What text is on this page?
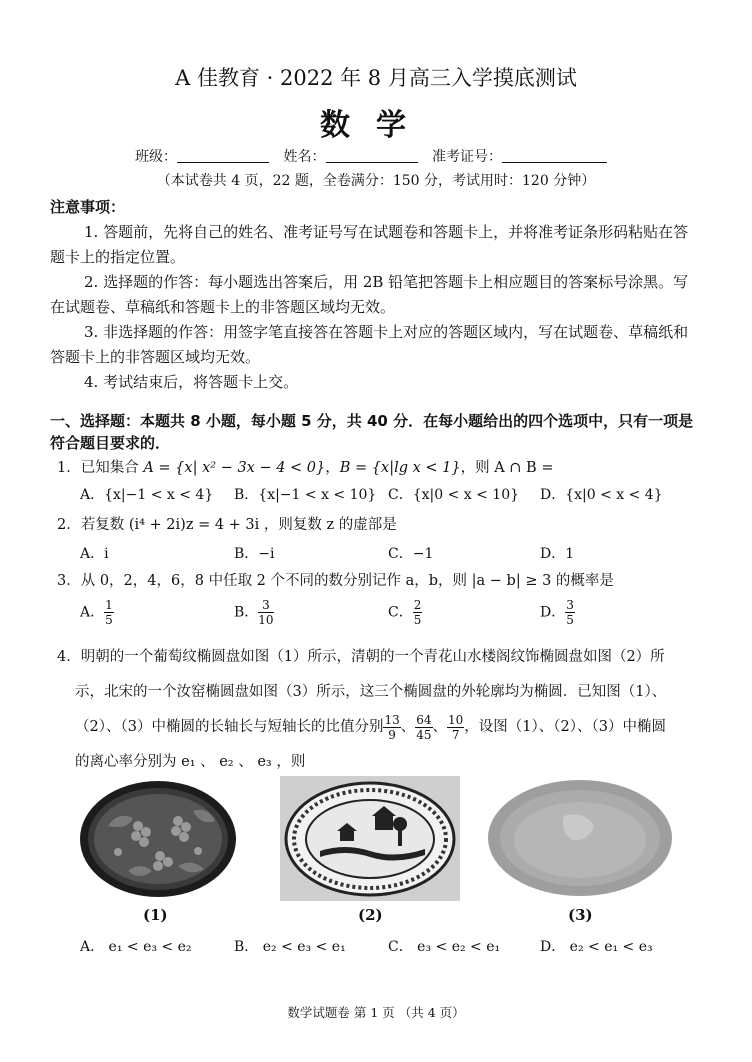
A 佳教育 · 2022 年 8 月高三入学摸底测试
数学
班级：	姓名：	准考证号：
（本试卷共 4 页，22 题，全卷满分：150 分，考试用时：120 分钟）
注意事项：
1. 答题前，先将自己的姓名、准考证号写在试题卷和答题卡上，并将准考证条形码粘贴在答题卡上的指定位置。
2. 选择题的作答：每小题选出答案后，用 2B 铅笔把答题卡上相应题目的答案标号涂黑。写在试题卷、草稿纸和答题卡上的非答题区域均无效。
3. 非选择题的作答：用签字笔直接答在答题卡上对应的答题区域内，写在试题卷、草稿纸和答题卡上的非答题区域均无效。
4. 考试结束后，将答题卡上交。
一、选择题：本题共 8 小题，每小题 5 分，共 40 分．在每小题给出的四个选项中，只有一项是符合题目要求的．
1．已知集合 A = {x| x² − 3x − 4 < 0}，B = {x|lg x < 1}，则 A ∩ B =
A．{x|−1 < x < 4} B．{x|−1 < x < 10} C．{x|0 < x < 10} D．{x|0 < x < 4}
2．若复数 (i⁴ + 2i)z = 4 + 3i ，则复数 z 的虚部是
A．i	B．−i	C．−1	D．1
3．从 0，2，4，6，8 中任取 2 个不同的数分别记作 a，b，则 |a − b| ≥ 3 的概率是
A． $\frac{1}{5}$	B． $\frac{3}{10}$	C． $\frac{2}{5}$	D． $\frac{3}{5}$
4．明朝的一个葡萄纹椭圆盘如图（1）所示，清朝的一个青花山水楼阁纹饰椭圆盘如图（2）所
示，北宋的一个汝窑椭圆盘如图（3）所示，这三个椭圆盘的外轮廓均为椭圆．已知图（1）、
（2）、（3）中椭圆的长轴长与短轴长的比值分别 $\frac{13}{9}$ 、 $\frac{64}{45}$ 、 $\frac{10}{7}$ ，设图（1）、（2）、（3）中椭圆
的离心率分别为 e₁ 、 e₂ 、 e₃ ，则
(1)	(2)	(3)
A． e₁ < e₃ < e₂	B． e₂ < e₃ < e₁	C． e₃ < e₂ < e₁	D． e₂ < e₁ < e₃
数学试题卷 第 1 页 （共 4 页）
